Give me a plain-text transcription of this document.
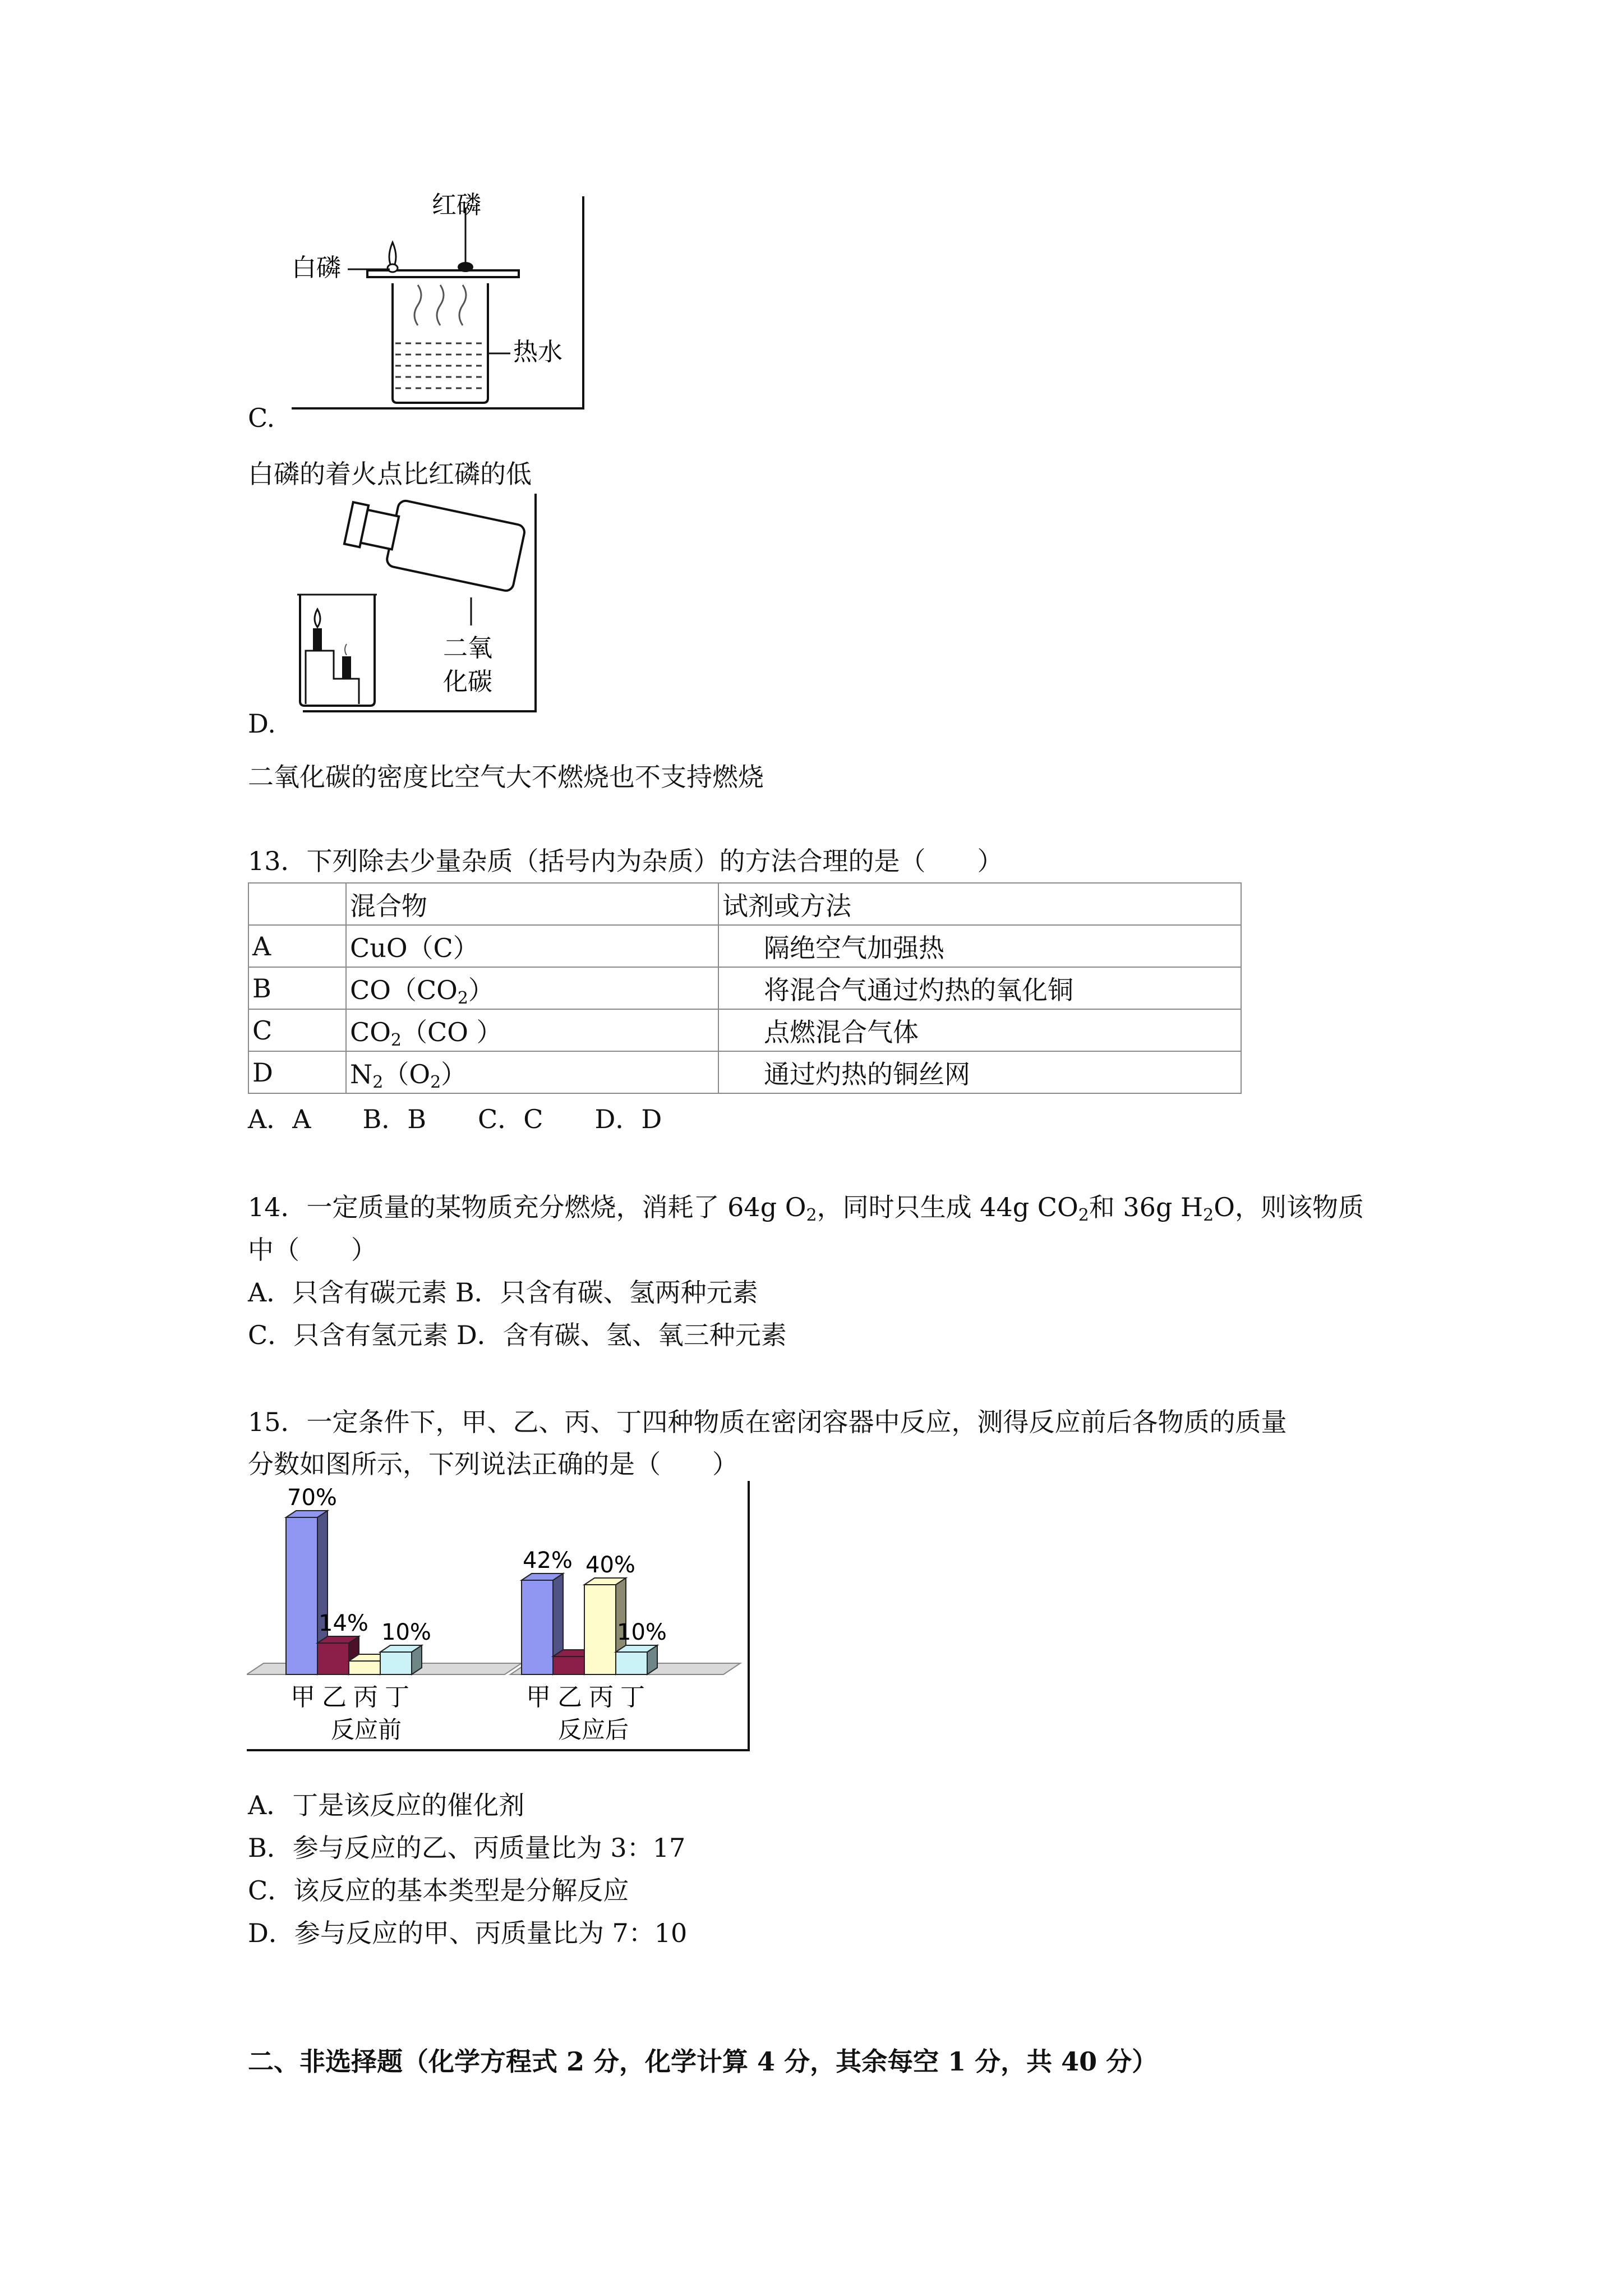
红磷
白磷
热水
C.
白磷的着火点比红磷的低
二氧
化碳
D.
二氧化碳的密度比空气大不燃烧也不支持燃烧
13．下列除去少量杂质（括号内为杂质）的方法合理的是（　　）
	混合物	试剂或方法
A	CuO（C）	隔绝空气加强热
B	$CO(CO_2)$	将混合气通过灼热的氧化铜
C	$CO_2(CO$ ）	点燃混合气体
D	$N_2(O_2)$	通过灼热的铜丝网
A．A　　B．B　　C．C　　D．D
14．一定质量的某物质充分燃烧，消耗了 64g $O_2$，同时只生成 44g $CO_2$和 36g $H_2O$，则该物质
中（　　）
A．只含有碳元素 B．只含有碳、氢两种元素
C．只含有氢元素 D．含有碳、氢、氧三种元素
15．一定条件下，甲、乙、丙、丁四种物质在密闭容器中反应，测得反应前后各物质的质量
分数如图所示，下列说法正确的是（　　）
70%
14% 10%
42% 40%
10%
甲 乙 丙 丁	甲 乙 丙 丁
反应前	反应后
A．丁是该反应的催化剂
B．参与反应的乙、丙质量比为 3：17
C．该反应的基本类型是分解反应
D．参与反应的甲、丙质量比为 7：10
二、非选择题（化学方程式 2 分，化学计算 4 分，其余每空 1 分，共 40 分）
